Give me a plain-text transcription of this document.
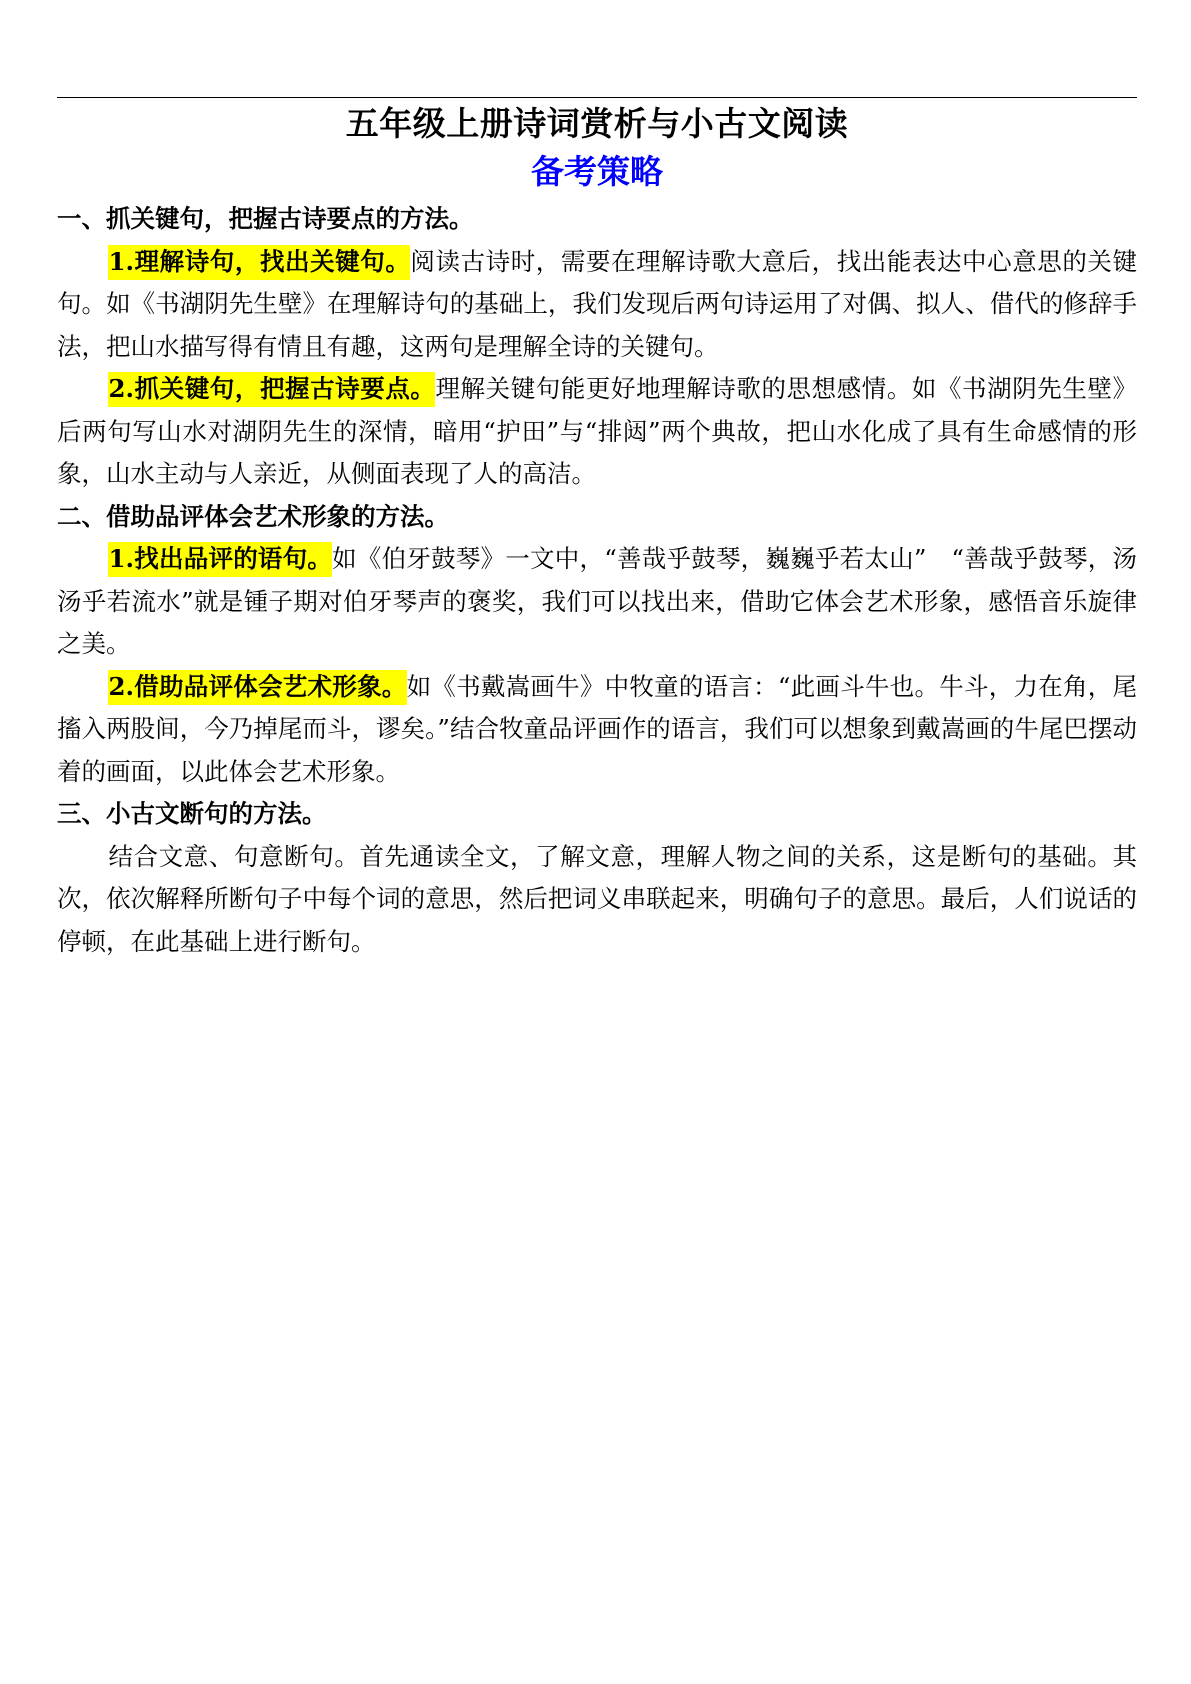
五年级上册诗词赏析与小古文阅读
备考策略
一、抓关键句，把握古诗要点的方法。

1.理解诗句，找出关键句。阅读古诗时，需要在理解诗歌大意后，找出能表达中心意思的关键句。如《书湖阴先生壁》在理解诗句的基础上，我们发现后两句诗运用了对偶、拟人、借代的修辞手法，把山水描写得有情且有趣，这两句是理解全诗的关键句。

2.抓关键句，把握古诗要点。理解关键句能更好地理解诗歌的思想感情。如《书湖阴先生壁》后两句写山水对湖阴先生的深情，暗用“护田”与“排闼”两个典故，把山水化成了具有生命感情的形象，山水主动与人亲近，从侧面表现了人的高洁。

二、借助品评体会艺术形象的方法。

1.找出品评的语句。如《伯牙鼓琴》一文中，“善哉乎鼓琴，巍巍乎若太山”　“善哉乎鼓琴，汤汤乎若流水”就是锺子期对伯牙琴声的褒奖，我们可以找出来，借助它体会艺术形象，感悟音乐旋律之美。

2.借助品评体会艺术形象。如《书戴嵩画牛》中牧童的语言：“此画斗牛也。牛斗，力在角，尾搐入两股间，今乃掉尾而斗，谬矣。”结合牧童品评画作的语言，我们可以想象到戴嵩画的牛尾巴摆动着的画面，以此体会艺术形象。

三、小古文断句的方法。

结合文意、句意断句。首先通读全文，了解文意，理解人物之间的关系，这是断句的基础。其次，依次解释所断句子中每个词的意思，然后把词义串联起来，明确句子的意思。最后，人们说话的停顿，在此基础上进行断句。
